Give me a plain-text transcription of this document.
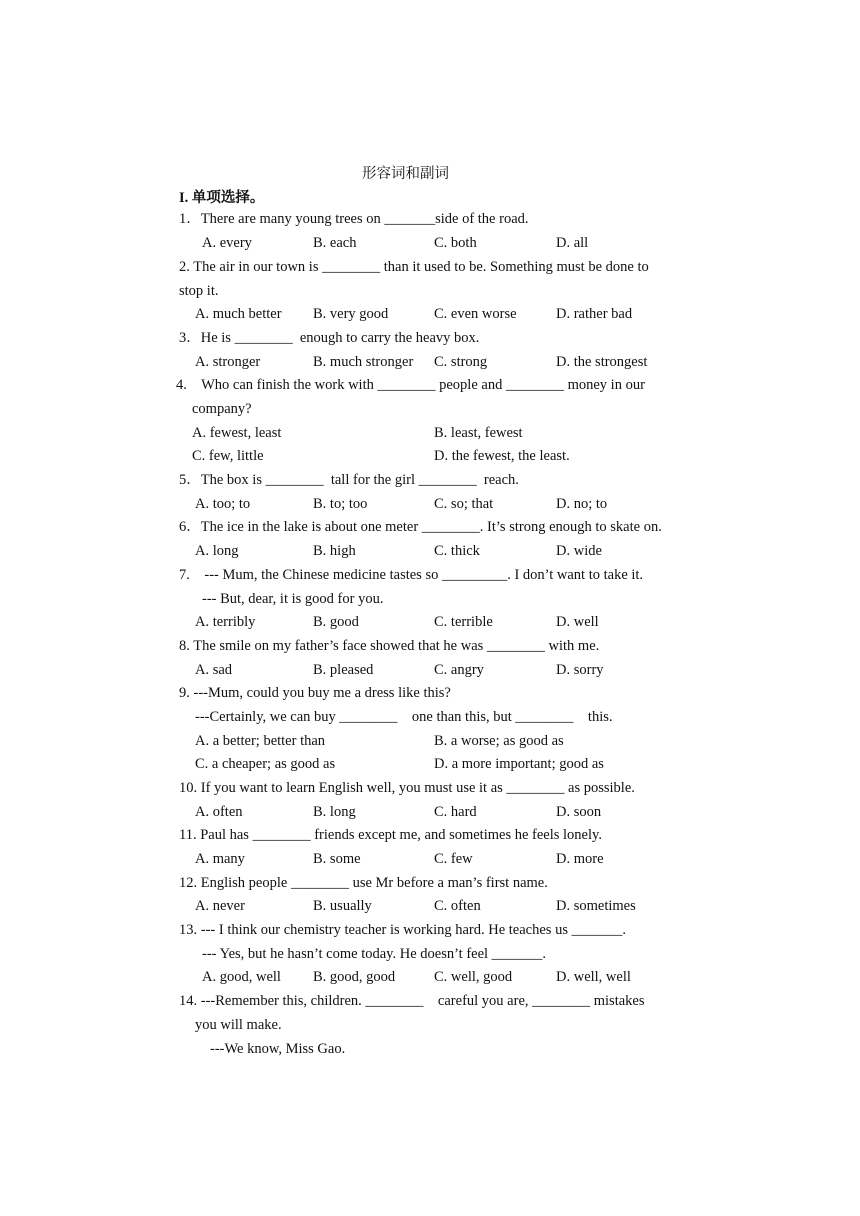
形容词和副词
I. 单项选择。
1．There are many young trees on _______side of the road.
A. every	B. each	C. both	D. all
2. The air in our town is ________ than it used to be. Something must be done to
stop it.
A. much better B. very good	C. even worse	D. rather bad
3．He is ________  enough to carry the heavy box.
A. stronger	B. much stronger C. strong	D. the strongest
4.    Who can finish the work with ________ people and ________ money in our
company?
A. fewest, least	B. least, fewest
C. few, little	D. the fewest, the least.
5．The box is ________  tall for the girl ________  reach.
A. too; to	B. to; too	C. so; that	D. no; to
6．The ice in the lake is about one meter ________. It’s strong enough to skate on.
A. long	B. high	C. thick	D. wide
7.    --- Mum, the Chinese medicine tastes so _________. I don’t want to take it.
--- But, dear, it is good for you.
A. terribly	B. good	C. terrible	D. well
8. The smile on my father’s face showed that he was ________ with me.
A. sad	B. pleased	C. angry	D. sorry
9. ---Mum, could you buy me a dress like this?
---Certainly, we can buy ________    one than this, but ________    this.
A. a better; better than	B. a worse; as good as
C. a cheaper; as good as	D. a more important; good as
10. If you want to learn English well, you must use it as ________ as possible.
A. often	B. long	C. hard	D. soon
11. Paul has ________ friends except me, and sometimes he feels lonely.
A. many	B. some	C. few	D. more
12. English people ________ use Mr before a man’s first name.
A. never	B. usually	C. often	D. sometimes
13. --- I think our chemistry teacher is working hard. He teaches us _______.
--- Yes, but he hasn’t come today. He doesn’t feel _______.
A. good, well B. good, good	C. well, good	D. well, well
14. ---Remember this, children. ________    careful you are, ________ mistakes
you will make.
---We know, Miss Gao.
